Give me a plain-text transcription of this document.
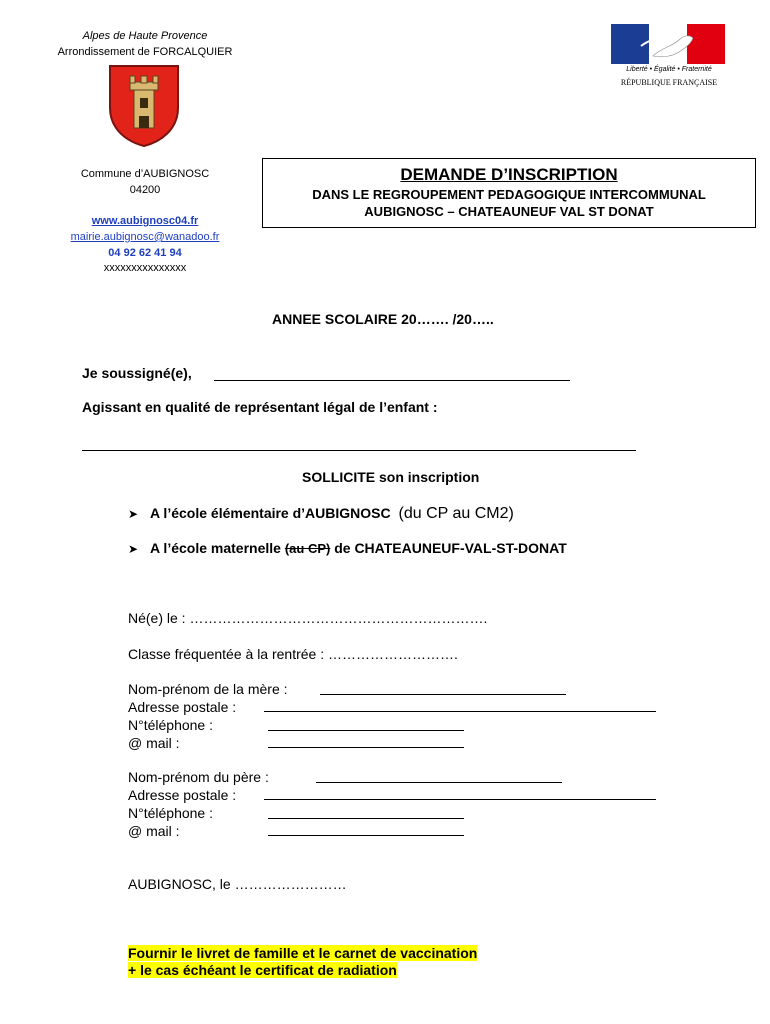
Alpes de Haute Provence
Arrondissement de FORCALQUIER
Liberté • Égalité • Fraternité
RÉPUBLIQUE FRANÇAISE
Commune d’AUBIGNOSC
04200
www.aubignosc04.fr
mairie.aubignosc@wanadoo.fr
04 92 62 41 94
xxxxxxxxxxxxxxx
DEMANDE D’INSCRIPTION
DANS LE REGROUPEMENT PEDAGOGIQUE INTERCOMMUNAL
AUBIGNOSC – CHATEAUNEUF VAL ST DONAT
ANNEE SCOLAIRE 20……. /20…..
Je soussigné(e),
Agissant en qualité de représentant légal de l’enfant :
SOLLICITE son inscription
➤ A l’école élémentaire d’AUBIGNOSC (du CP au CM2)
➤ A l’école maternelle (au CP) de CHATEAUNEUF-VAL-ST-DONAT
Né(e) le : ……………………………………………………….
Classe fréquentée à la rentrée : ……………………….
Nom-prénom de la mère :
Adresse postale :
N°téléphone :
@ mail :
Nom-prénom du père :
Adresse postale :
N°téléphone :
@ mail :
AUBIGNOSC, le ……………………
Fournir le livret de famille et le carnet de vaccination
+ le cas échéant le certificat de radiation
